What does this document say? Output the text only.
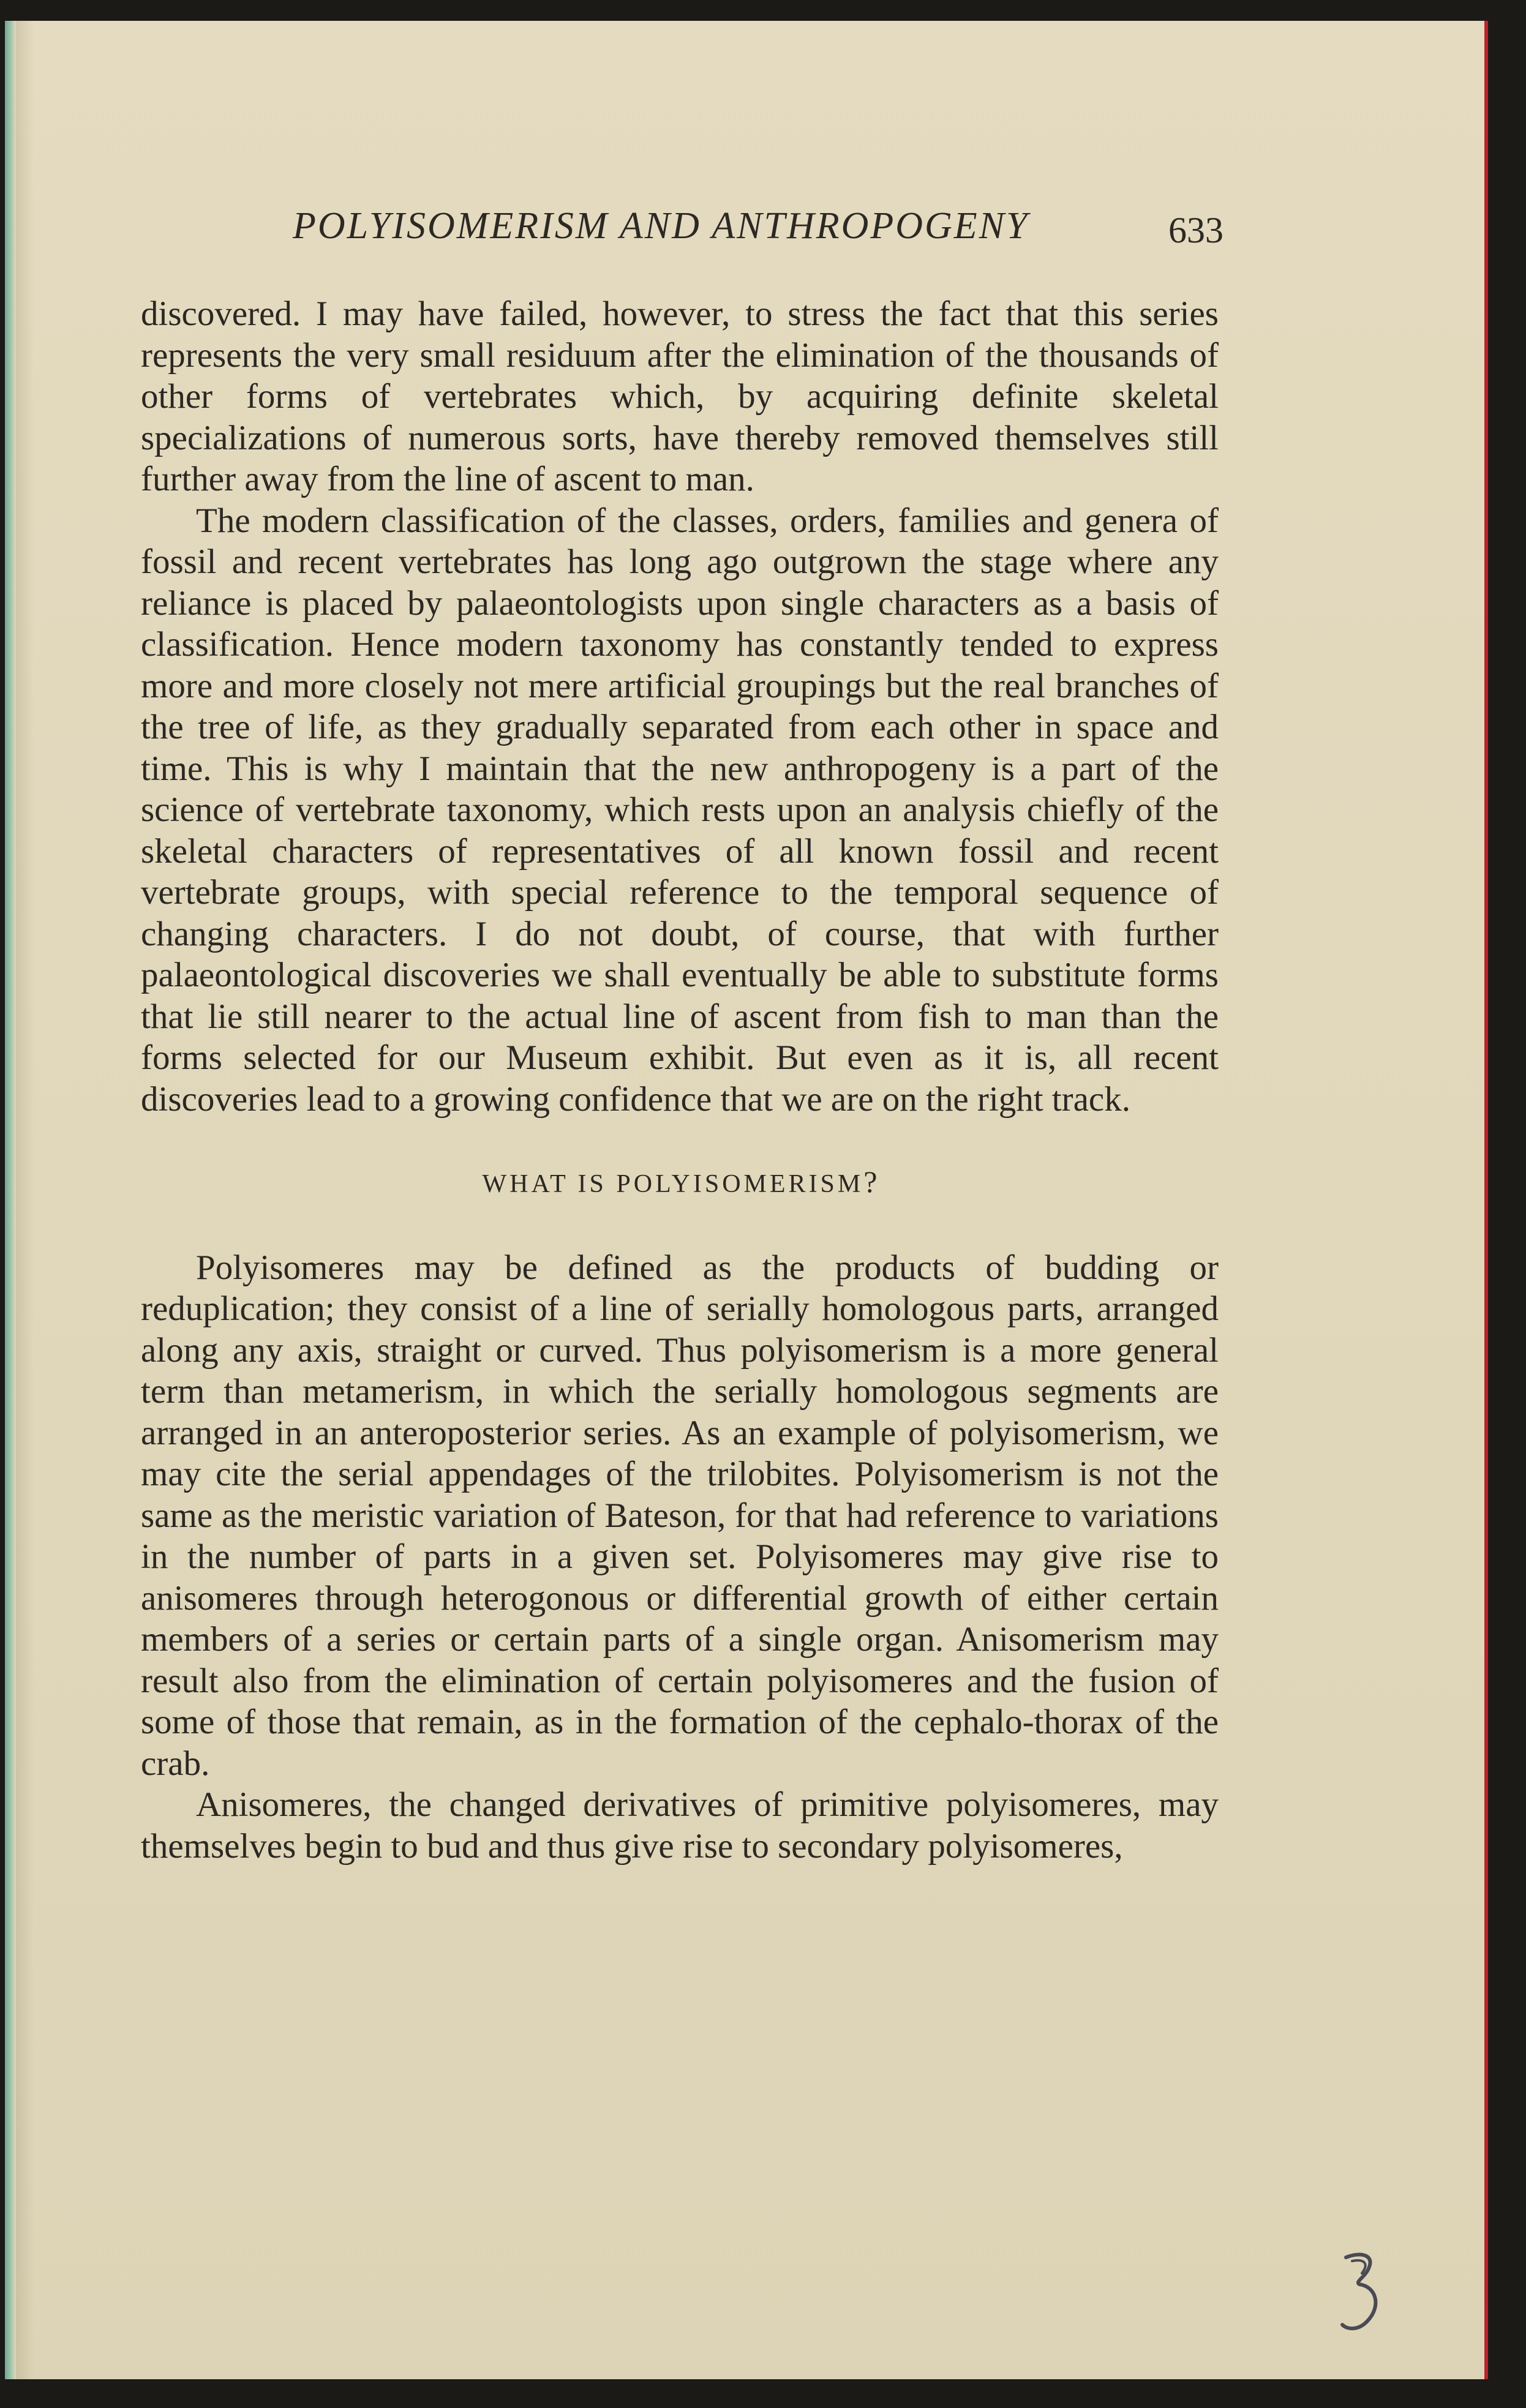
POLYISOMERISM AND ANTHROPOGENY	633

discovered. I may have failed, however, to stress the fact that this series represents the very small residuum after the elimination of the thousands of other forms of vertebrates which, by acquiring definite skeletal specializations of numerous sorts, have thereby removed themselves still further away from the line of ascent to man.

The modern classification of the classes, orders, families and genera of fossil and recent vertebrates has long ago outgrown the stage where any reliance is placed by palaeontologists upon single characters as a basis of classification. Hence modern taxonomy has constantly tended to express more and more closely not mere artificial groupings but the real branches of the tree of life, as they gradually separated from each other in space and time. This is why I maintain that the new anthropogeny is a part of the science of vertebrate taxonomy, which rests upon an analysis chiefly of the skeletal characters of representatives of all known fossil and recent vertebrate groups, with special reference to the temporal sequence of changing characters. I do not doubt, of course, that with further palaeontological discoveries we shall eventually be able to substitute forms that lie still nearer to the actual line of ascent from fish to man than the forms selected for our Museum exhibit. But even as it is, all recent discoveries lead to a growing confidence that we are on the right track.

WHAT IS POLYISOMERISM?

Polyisomeres may be defined as the products of budding or reduplication; they consist of a line of serially homologous parts, arranged along any axis, straight or curved. Thus polyisomerism is a more general term than metamerism, in which the serially homologous segments are arranged in an anteroposterior series. As an example of polyisomerism, we may cite the serial appendages of the trilobites. Polyisomerism is not the same as the meristic variation of Bateson, for that had reference to variations in the number of parts in a given set. Polyisomeres may give rise to anisomeres through heterogonous or differential growth of either certain members of a series or certain parts of a single organ. Anisomerism may result also from the elimination of certain polyisomeres and the fusion of some of those that remain, as in the formation of the cephalo-thorax of the crab.

Anisomeres, the changed derivatives of primitive polyisomeres, may themselves begin to bud and thus give rise to secondary polyisomeres,
